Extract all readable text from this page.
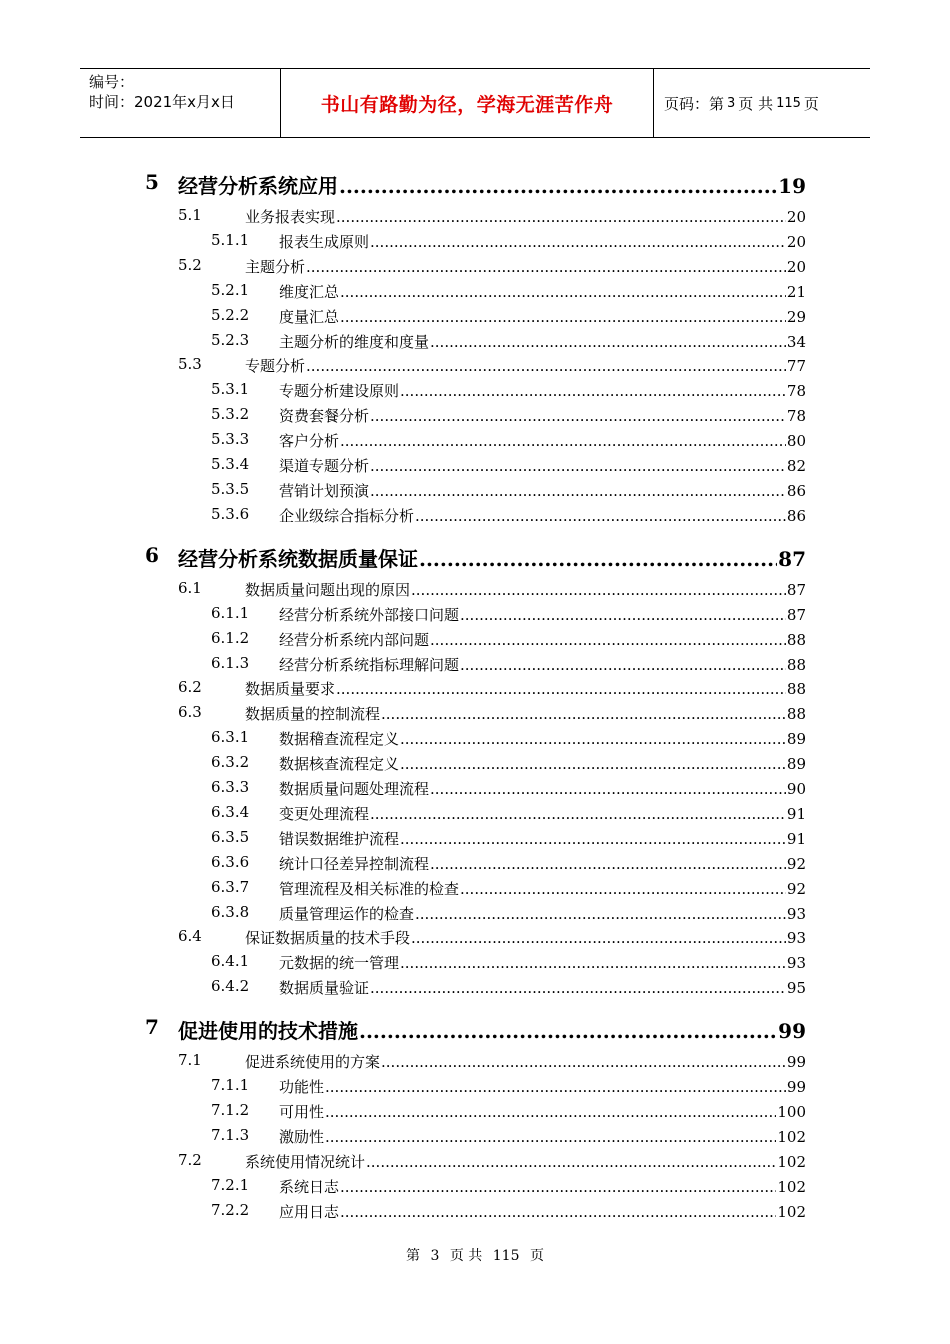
编号：
时间：2021年x月x日	书山有路勤为径，学海无涯苦作舟	页码：第 3 页 共 115 页
5 经营分析系统应用 .....	19
5.1	业务报表实现 .....	20
5.1.1 报表生成原则 .....	20
5.2	主题分析 .....	20
5.2.1 维度汇总 .....	21
5.2.2 度量汇总 .....	29
5.2.3 主题分析的维度和度量 .....	34
5.3	专题分析 .....	77
5.3.1 专题分析建设原则 .....	78
5.3.2 资费套餐分析 .....	78
5.3.3 客户分析 .....	80
5.3.4 渠道专题分析 .....	82
5.3.5 营销计划预演 .....	86
5.3.6 企业级综合指标分析 .....	86
6 经营分析系统数据质量保证 .....	87
6.1	数据质量问题出现的原因 .....	87
6.1.1 经营分析系统外部接口问题 .....	87
6.1.2 经营分析系统内部问题 .....	88
6.1.3 经营分析系统指标理解问题 .....	88
6.2	数据质量要求 .....	88
6.3	数据质量的控制流程 .....	88
6.3.1 数据稽查流程定义 .....	89
6.3.2 数据核查流程定义 .....	89
6.3.3 数据质量问题处理流程 .....	90
6.3.4 变更处理流程 .....	91
6.3.5 错误数据维护流程 .....	91
6.3.6 统计口径差异控制流程 .....	92
6.3.7 管理流程及相关标准的检查 .....	92
6.3.8 质量管理运作的检查 .....	93
6.4	保证数据质量的技术手段 .....	93
6.4.1 元数据的统一管理 .....	93
6.4.2 数据质量验证 .....	95
7 促进使用的技术措施 .....	99
7.1	促进系统使用的方案 .....	99
7.1.1 功能性 .....	99
7.1.2 可用性 .....	100
7.1.3 激励性 .....	102
7.2	系统使用情况统计 .....	102
7.2.1 系统日志 .....	102
7.2.2 应用日志 .....	102
第 3 页 共 115 页
